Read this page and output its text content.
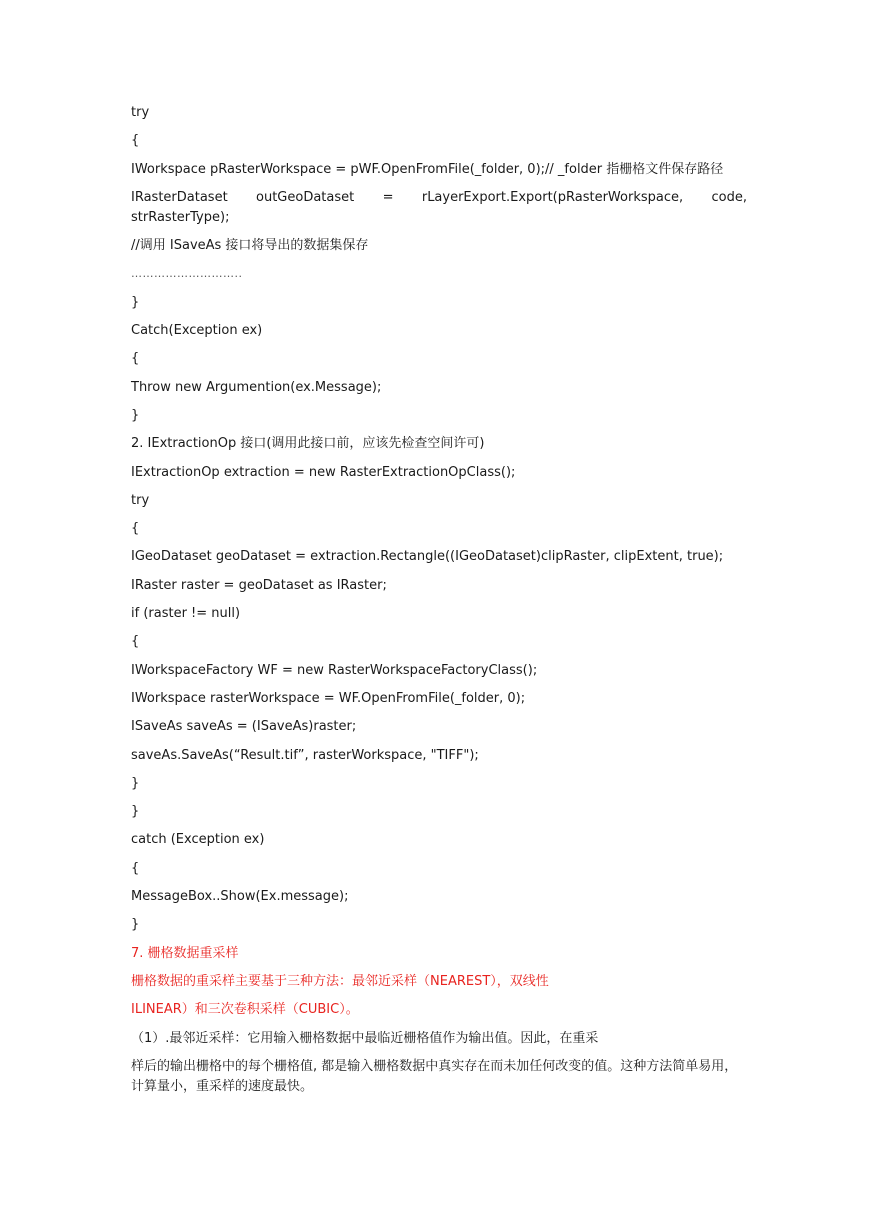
try
{
IWorkspace pRasterWorkspace = pWF.OpenFromFile(_folder, 0);// _folder 指栅格文件保存路径
IRasterDataset outGeoDataset = rLayerExport.Export(pRasterWorkspace, code,
strRasterType);
//调用 ISaveAs 接口将导出的数据集保存
………………………..
}
Catch(Exception ex)
{
Throw new Argumention(ex.Message);
}
2. IExtractionOp 接口(调用此接口前，应该先检查空间许可)
IExtractionOp extraction = new RasterExtractionOpClass();
try
{
IGeoDataset geoDataset = extraction.Rectangle((IGeoDataset)clipRaster, clipExtent, true);
IRaster raster = geoDataset as IRaster;
if (raster != null)
{
IWorkspaceFactory WF = new RasterWorkspaceFactoryClass();
IWorkspace rasterWorkspace = WF.OpenFromFile(_folder, 0);
ISaveAs saveAs = (ISaveAs)raster;
saveAs.SaveAs(“Result.tif”, rasterWorkspace, "TIFF");
}
}
catch (Exception ex)
{
MessageBox..Show(Ex.message);
}
7. 栅格数据重采样
栅格数据的重采样主要基于三种方法：最邻近采样（NEAREST），双线性
ILINEAR）和三次卷积采样（CUBIC）。
（1）.最邻近采样：它用输入栅格数据中最临近栅格值作为输出值。因此，在重采
样后的输出栅格中的每个栅格值, 都是输入栅格数据中真实存在而未加任何改变的值。这种方法简单易用，计算量小，重采样的速度最快。
